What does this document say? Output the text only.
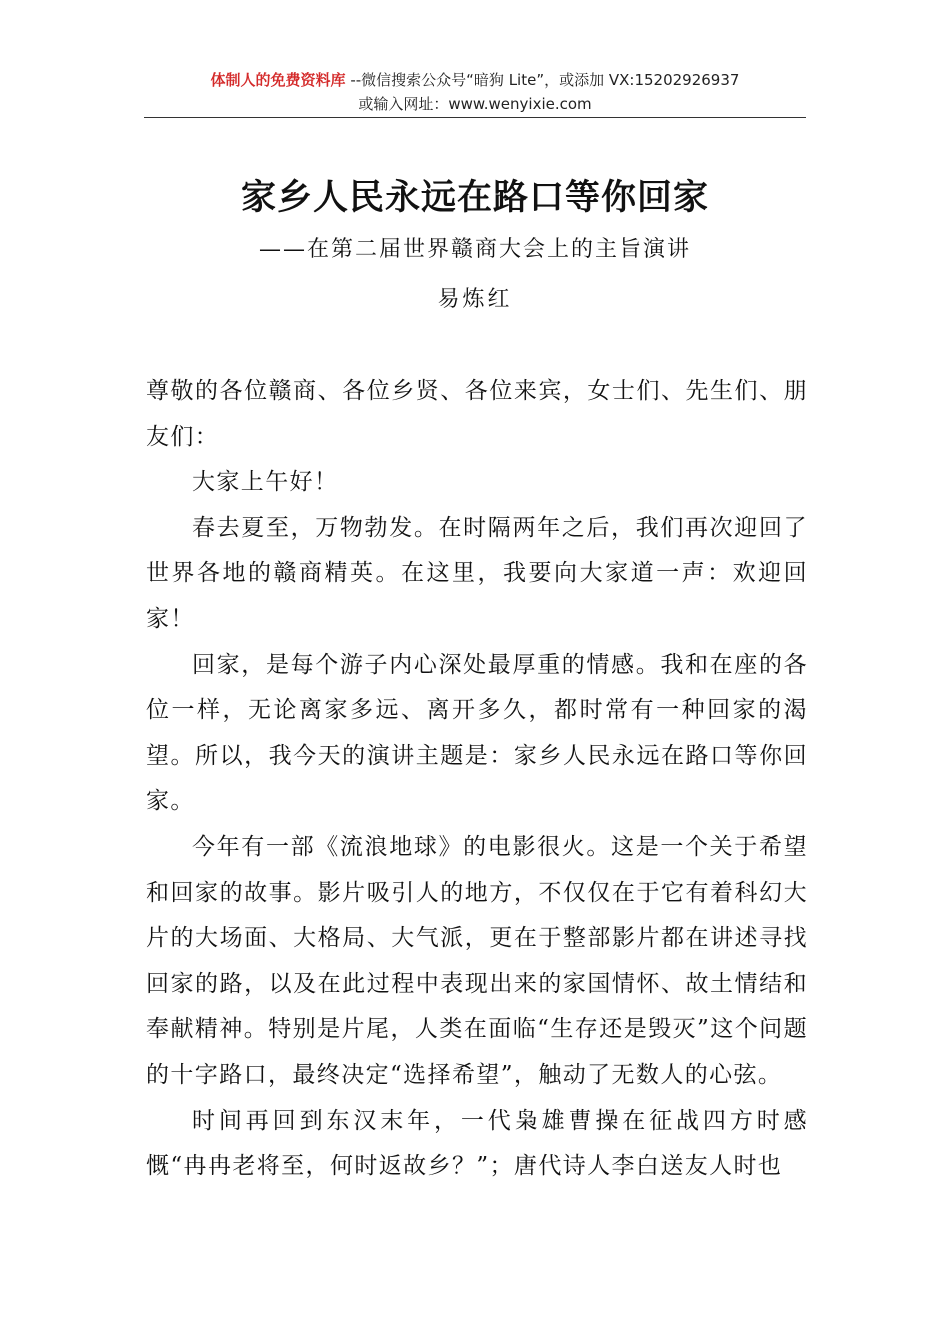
体制人的免费资料库 --微信搜索公众号“暗狗 Lite”，或添加 VX:15202926937
或输入网址：www.wenyixie.com
家乡人民永远在路口等你回家
——在第二届世界赣商大会上的主旨演讲
易炼红

尊敬的各位赣商、各位乡贤、各位来宾，女士们、先生们、朋友们：

大家上午好！

春去夏至，万物勃发。在时隔两年之后，我们再次迎回了世界各地的赣商精英。在这里，我要向大家道一声：欢迎回家！

回家，是每个游子内心深处最厚重的情感。我和在座的各位一样，无论离家多远、离开多久，都时常有一种回家的渴望。所以，我今天的演讲主题是：家乡人民永远在路口等你回家。

今年有一部《流浪地球》的电影很火。这是一个关于希望和回家的故事。影片吸引人的地方，不仅仅在于它有着科幻大片的大场面、大格局、大气派，更在于整部影片都在讲述寻找回家的路，以及在此过程中表现出来的家国情怀、故土情结和奉献精神。特别是片尾，人类在面临“生存还是毁灭”这个问题的十字路口，最终决定“选择希望”，触动了无数人的心弦。

时间再回到东汉末年，一代枭雄曹操在征战四方时感慨“冉冉老将至，何时返故乡？”；唐代诗人李白送友人时也
